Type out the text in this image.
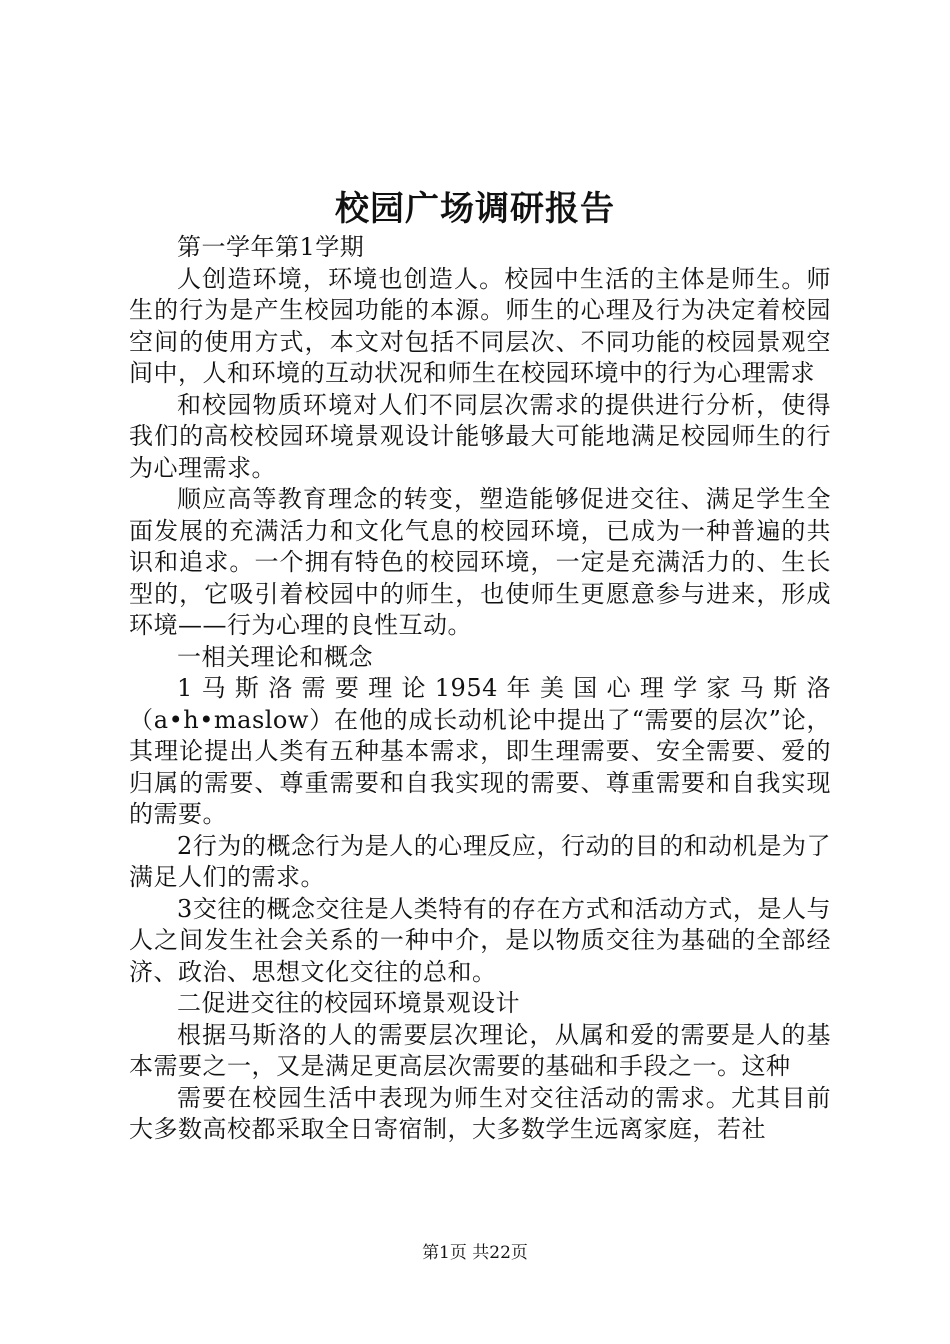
校园广场调研报告

第一学年第1学期

人创造环境，环境也创造人。校园中生活的主体是师生。师生的行为是产生校园功能的本源。师生的心理及行为决定着校园空间的使用方式，本文对包括不同层次、不同功能的校园景观空间中，人和环境的互动状况和师生在校园环境中的行为心理需求

和校园物质环境对人们不同层次需求的提供进行分析，使得我们的高校校园环境景观设计能够最大可能地满足校园师生的行为心理需求。

顺应高等教育理念的转变，塑造能够促进交往、满足学生全面发展的充满活力和文化气息的校园环境，已成为一种普遍的共识和追求。一个拥有特色的校园环境，一定是充满活力的、生长型的，它吸引着校园中的师生，也使师生更愿意参与进来，形成环境——行为心理的良性互动。

一相关理论和概念

1马斯洛需要理论1954年美国心理学家马斯洛（a•h•maslow）在他的成长动机论中提出了“需要的层次”论，其理论提出人类有五种基本需求，即生理需要、安全需要、爱的归属的需要、尊重需要和自我实现的需要、尊重需要和自我实现的需要。

2行为的概念行为是人的心理反应，行动的目的和动机是为了满足人们的需求。

3交往的概念交往是人类特有的存在方式和活动方式，是人与人之间发生社会关系的一种中介，是以物质交往为基础的全部经济、政治、思想文化交往的总和。

二促进交往的校园环境景观设计

根据马斯洛的人的需要层次理论，从属和爱的需要是人的基本需要之一，又是满足更高层次需要的基础和手段之一。这种

需要在校园生活中表现为师生对交往活动的需求。尤其目前大多数高校都采取全日寄宿制，大多数学生远离家庭，若社

第1页 共22页
